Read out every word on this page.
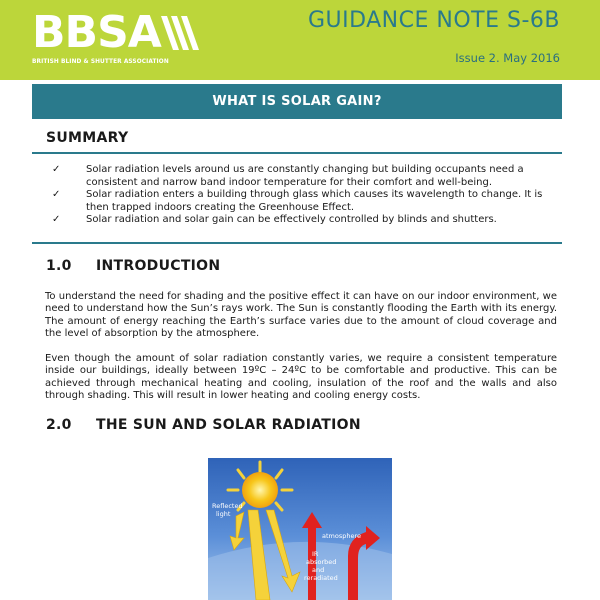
BBSA
BRITISH BLIND & SHUTTER ASSOCIATION
GUIDANCE NOTE S-6B
Issue 2. May 2016
WHAT IS SOLAR GAIN?
SUMMARY
✓	Solar radiation levels around us are constantly changing but building occupants need a consistent and narrow band indoor temperature for their comfort and well-being.
✓	Solar radiation enters a building through glass which causes its wavelength to change. It is then trapped indoors creating the Greenhouse Effect.
✓	Solar radiation and solar gain can be effectively controlled by blinds and shutters.
1.0 INTRODUCTION

To understand the need for shading and the positive effect it can have on our indoor environment, we need to understand how the Sun’s rays work. The Sun is constantly flooding the Earth with its energy. The amount of energy reaching the Earth’s surface varies due to the amount of cloud coverage and the level of absorption by the atmosphere.

Even though the amount of solar radiation constantly varies, we require a consistent temperature inside our buildings, ideally between 19ºC – 24ºC to be comfortable and productive. This can be achieved through mechanical heating and cooling, insulation of the roof and the walls and also through shading. This will result in lower heating and cooling energy costs.

2.0 THE SUN AND SOLAR RADIATION
Reflected
light
atmosphere
IR
absorbed
and
reradiated
